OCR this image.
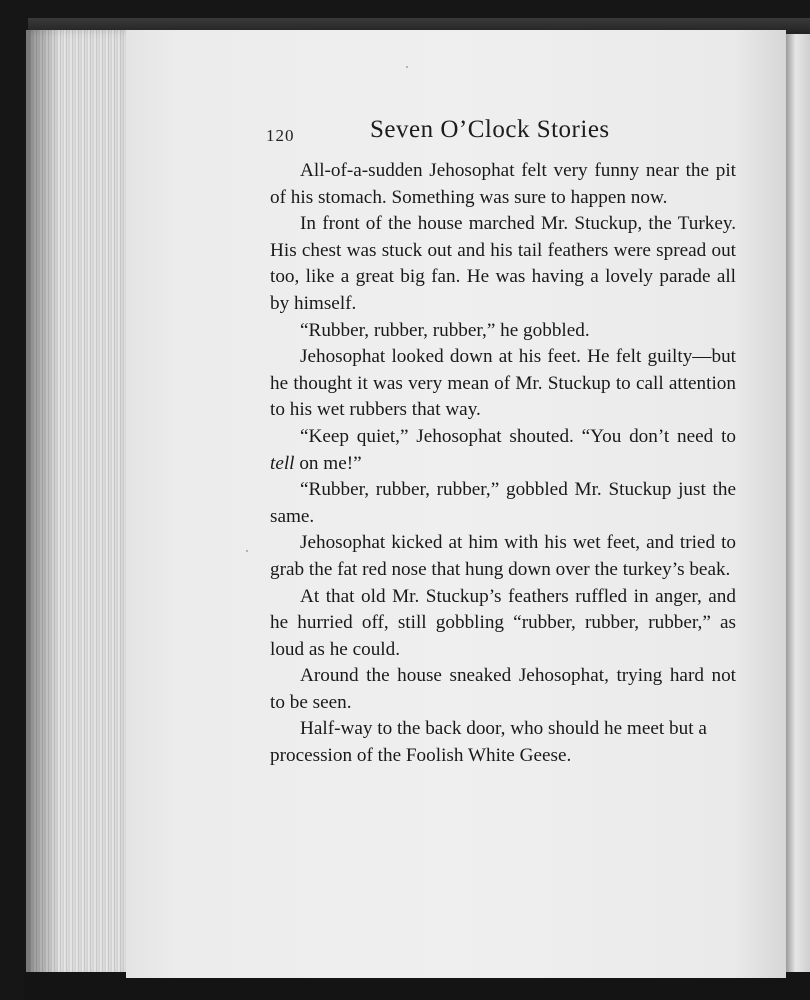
120	Seven O’Clock Stories

All-of-a-sudden Jehosophat felt very funny near the pit of his stomach. Something was sure to happen now.

In front of the house marched Mr. Stuckup, the Turkey. His chest was stuck out and his tail feathers were spread out too, like a great big fan. He was having a lovely parade all by himself.

“Rubber, rubber, rubber,” he gobbled.

Jehosophat looked down at his feet. He felt guilty—but he thought it was very mean of Mr. Stuckup to call attention to his wet rubbers that way.

“Keep quiet,” Jehosophat shouted. “You don’t need to tell on me!”

“Rubber, rubber, rubber,” gobbled Mr. Stuckup just the same.

Jehosophat kicked at him with his wet feet, and tried to grab the fat red nose that hung down over the turkey’s beak.

At that old Mr. Stuckup’s feathers ruffled in anger, and he hurried off, still gobbling “rubber, rubber, rubber,” as loud as he could.

Around the house sneaked Jehosophat, trying hard not to be seen.

Half-way to the back door, who should he meet but a procession of the Foolish White Geese.
